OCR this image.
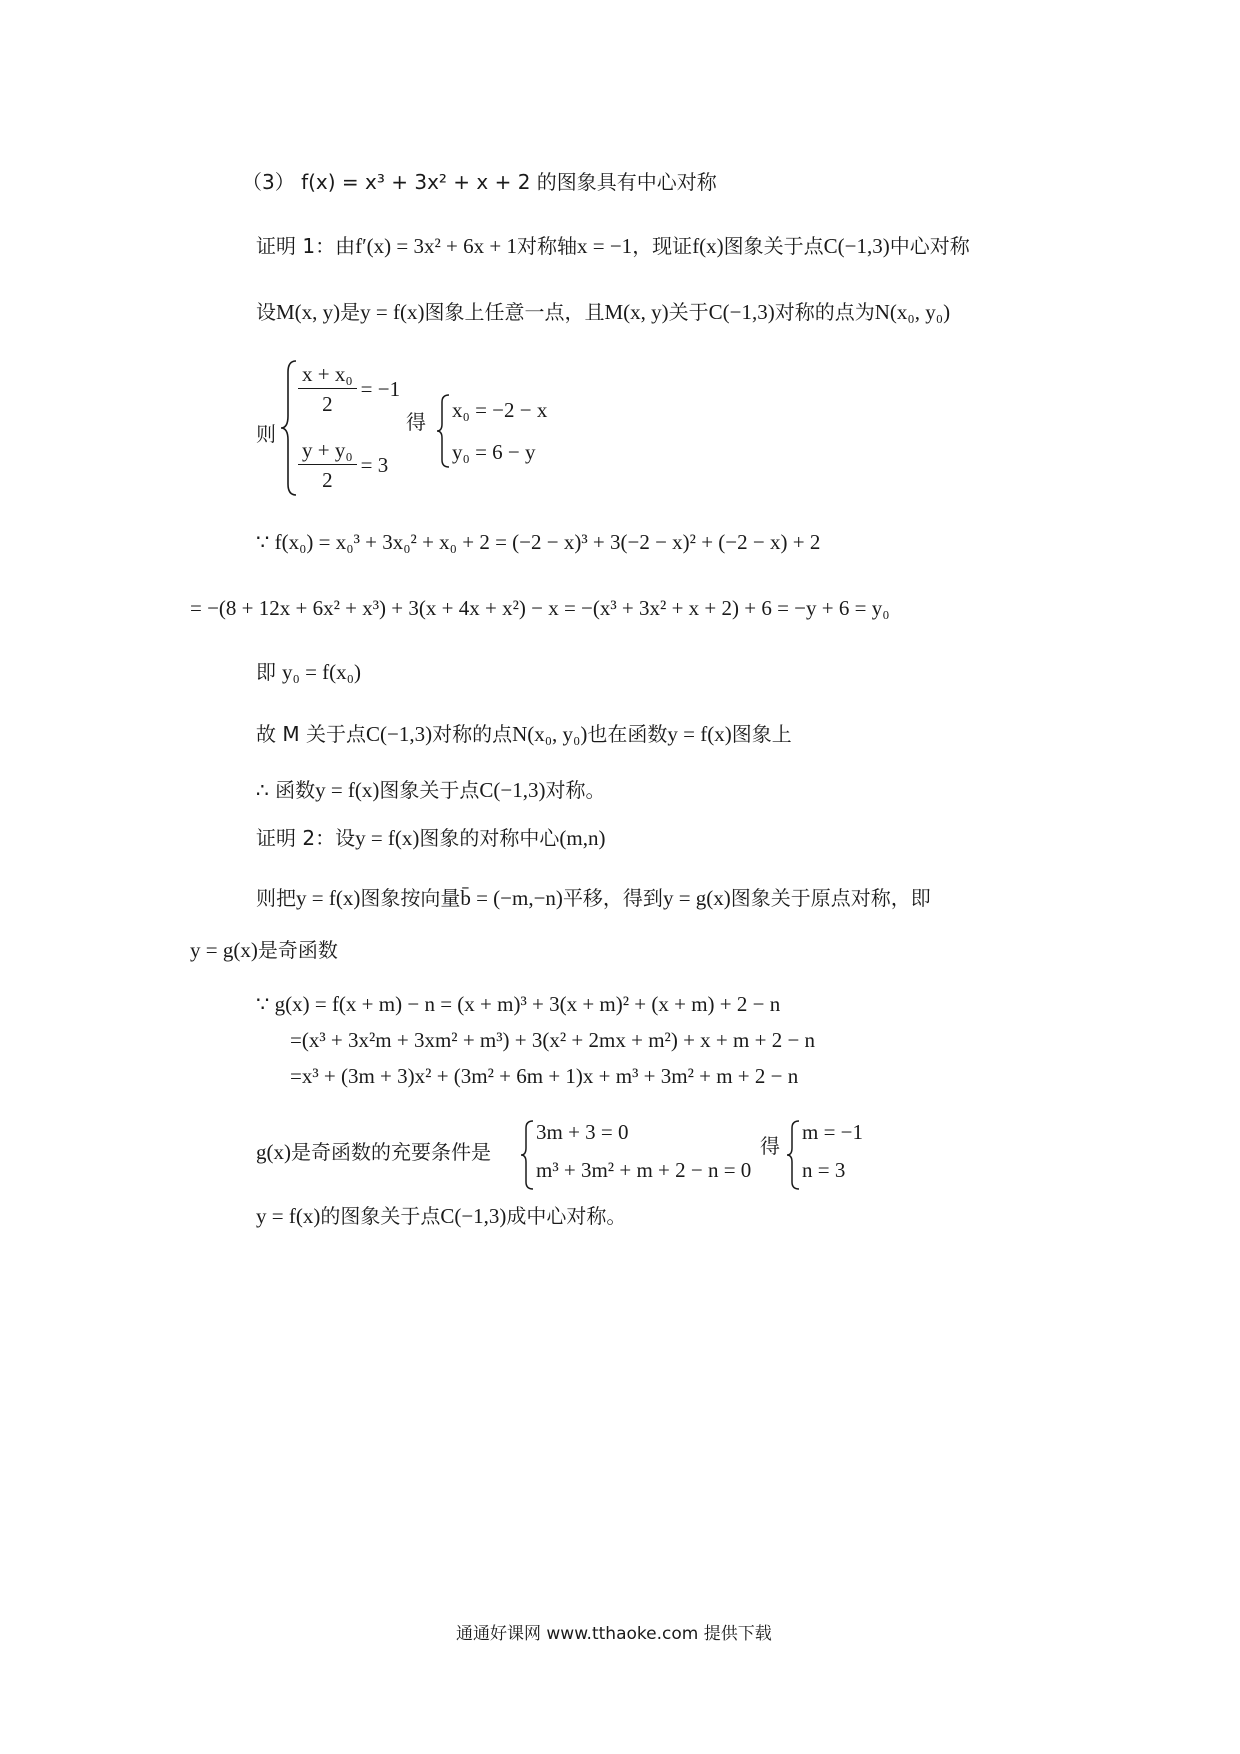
（3） f(x) = x³ + 3x² + x + 2 的图象具有中心对称
证明 1：由f′(x) = 3x² + 6x + 1对称轴x = −1，现证f(x)图象关于点C(−1,3)中心对称
设M(x, y)是y = f(x)图象上任意一点，且M(x, y)关于C(−1,3)对称的点为N(x₀, y₀)
则
$\frac{\text{x + x₀}}{2} = -1$
$\frac{\text{y + y₀}}{2} = 3$
得 x₀ = −2 − x
y₀ = 6 − y
∵ f(x₀) = x₀³ + 3x₀² + x₀ + 2 = (−2 − x)³ + 3(−2 − x)² + (−2 − x) + 2
= −(8 + 12x + 6x² + x³) + 3(x + 4x + x²) − x = −(x³ + 3x² + x + 2) + 6 = −y + 6 = y₀
即 y₀ = f(x₀)
故 M 关于点C(−1,3)对称的点N(x₀, y₀)也在函数y = f(x)图象上
∴ 函数y = f(x)图象关于点C(−1,3)对称。
证明 2：设y = f(x)图象的对称中心(m,n)
则把y = f(x)图象按向量b̄ = (−m,−n)平移，得到y = g(x)图象关于原点对称，即
y = g(x)是奇函数
∵ g(x) = f(x + m) − n = (x + m)³ + 3(x + m)² + (x + m) + 2 − n
=(x³ + 3x²m + 3xm² + m³) + 3(x² + 2mx + m²) + x + m + 2 − n
=x³ + (3m + 3)x² + (3m² + 6m + 1)x + m³ + 3m² + m + 2 − n
g(x)是奇函数的充要条件是
3m + 3 = 0
m³ + 3m² + m + 2 − n = 0
得
m = −1
n = 3
y = f(x)的图象关于点C(−1,3)成中心对称。
通通好课网 www.tthaoke.com 提供下载
